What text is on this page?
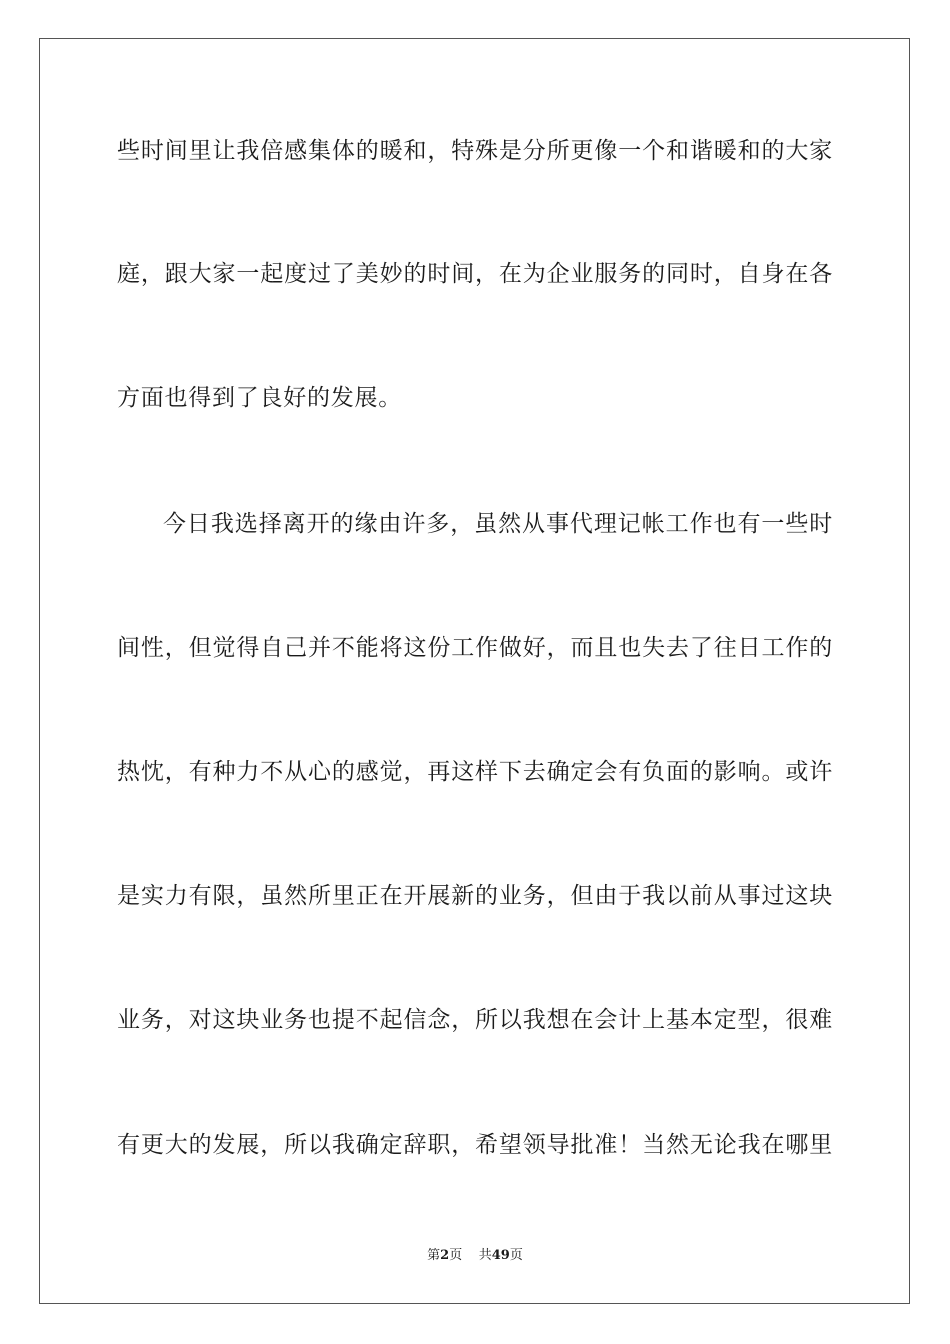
些时间里让我倍感集体的暖和，特殊是分所更像一个和谐暖和的大家
庭，跟大家一起度过了美妙的时间，在为企业服务的同时，自身在各
方面也得到了良好的发展。
今日我选择离开的缘由许多，虽然从事代理记帐工作也有一些时
间性，但觉得自己并不能将这份工作做好，而且也失去了往日工作的
热忱，有种力不从心的感觉，再这样下去确定会有负面的影响。或许
是实力有限，虽然所里正在开展新的业务，但由于我以前从事过这块
业务，对这块业务也提不起信念，所以我想在会计上基本定型，很难
有更大的发展，所以我确定辞职，希望领导批准！当然无论我在哪里
第2页 共49页
